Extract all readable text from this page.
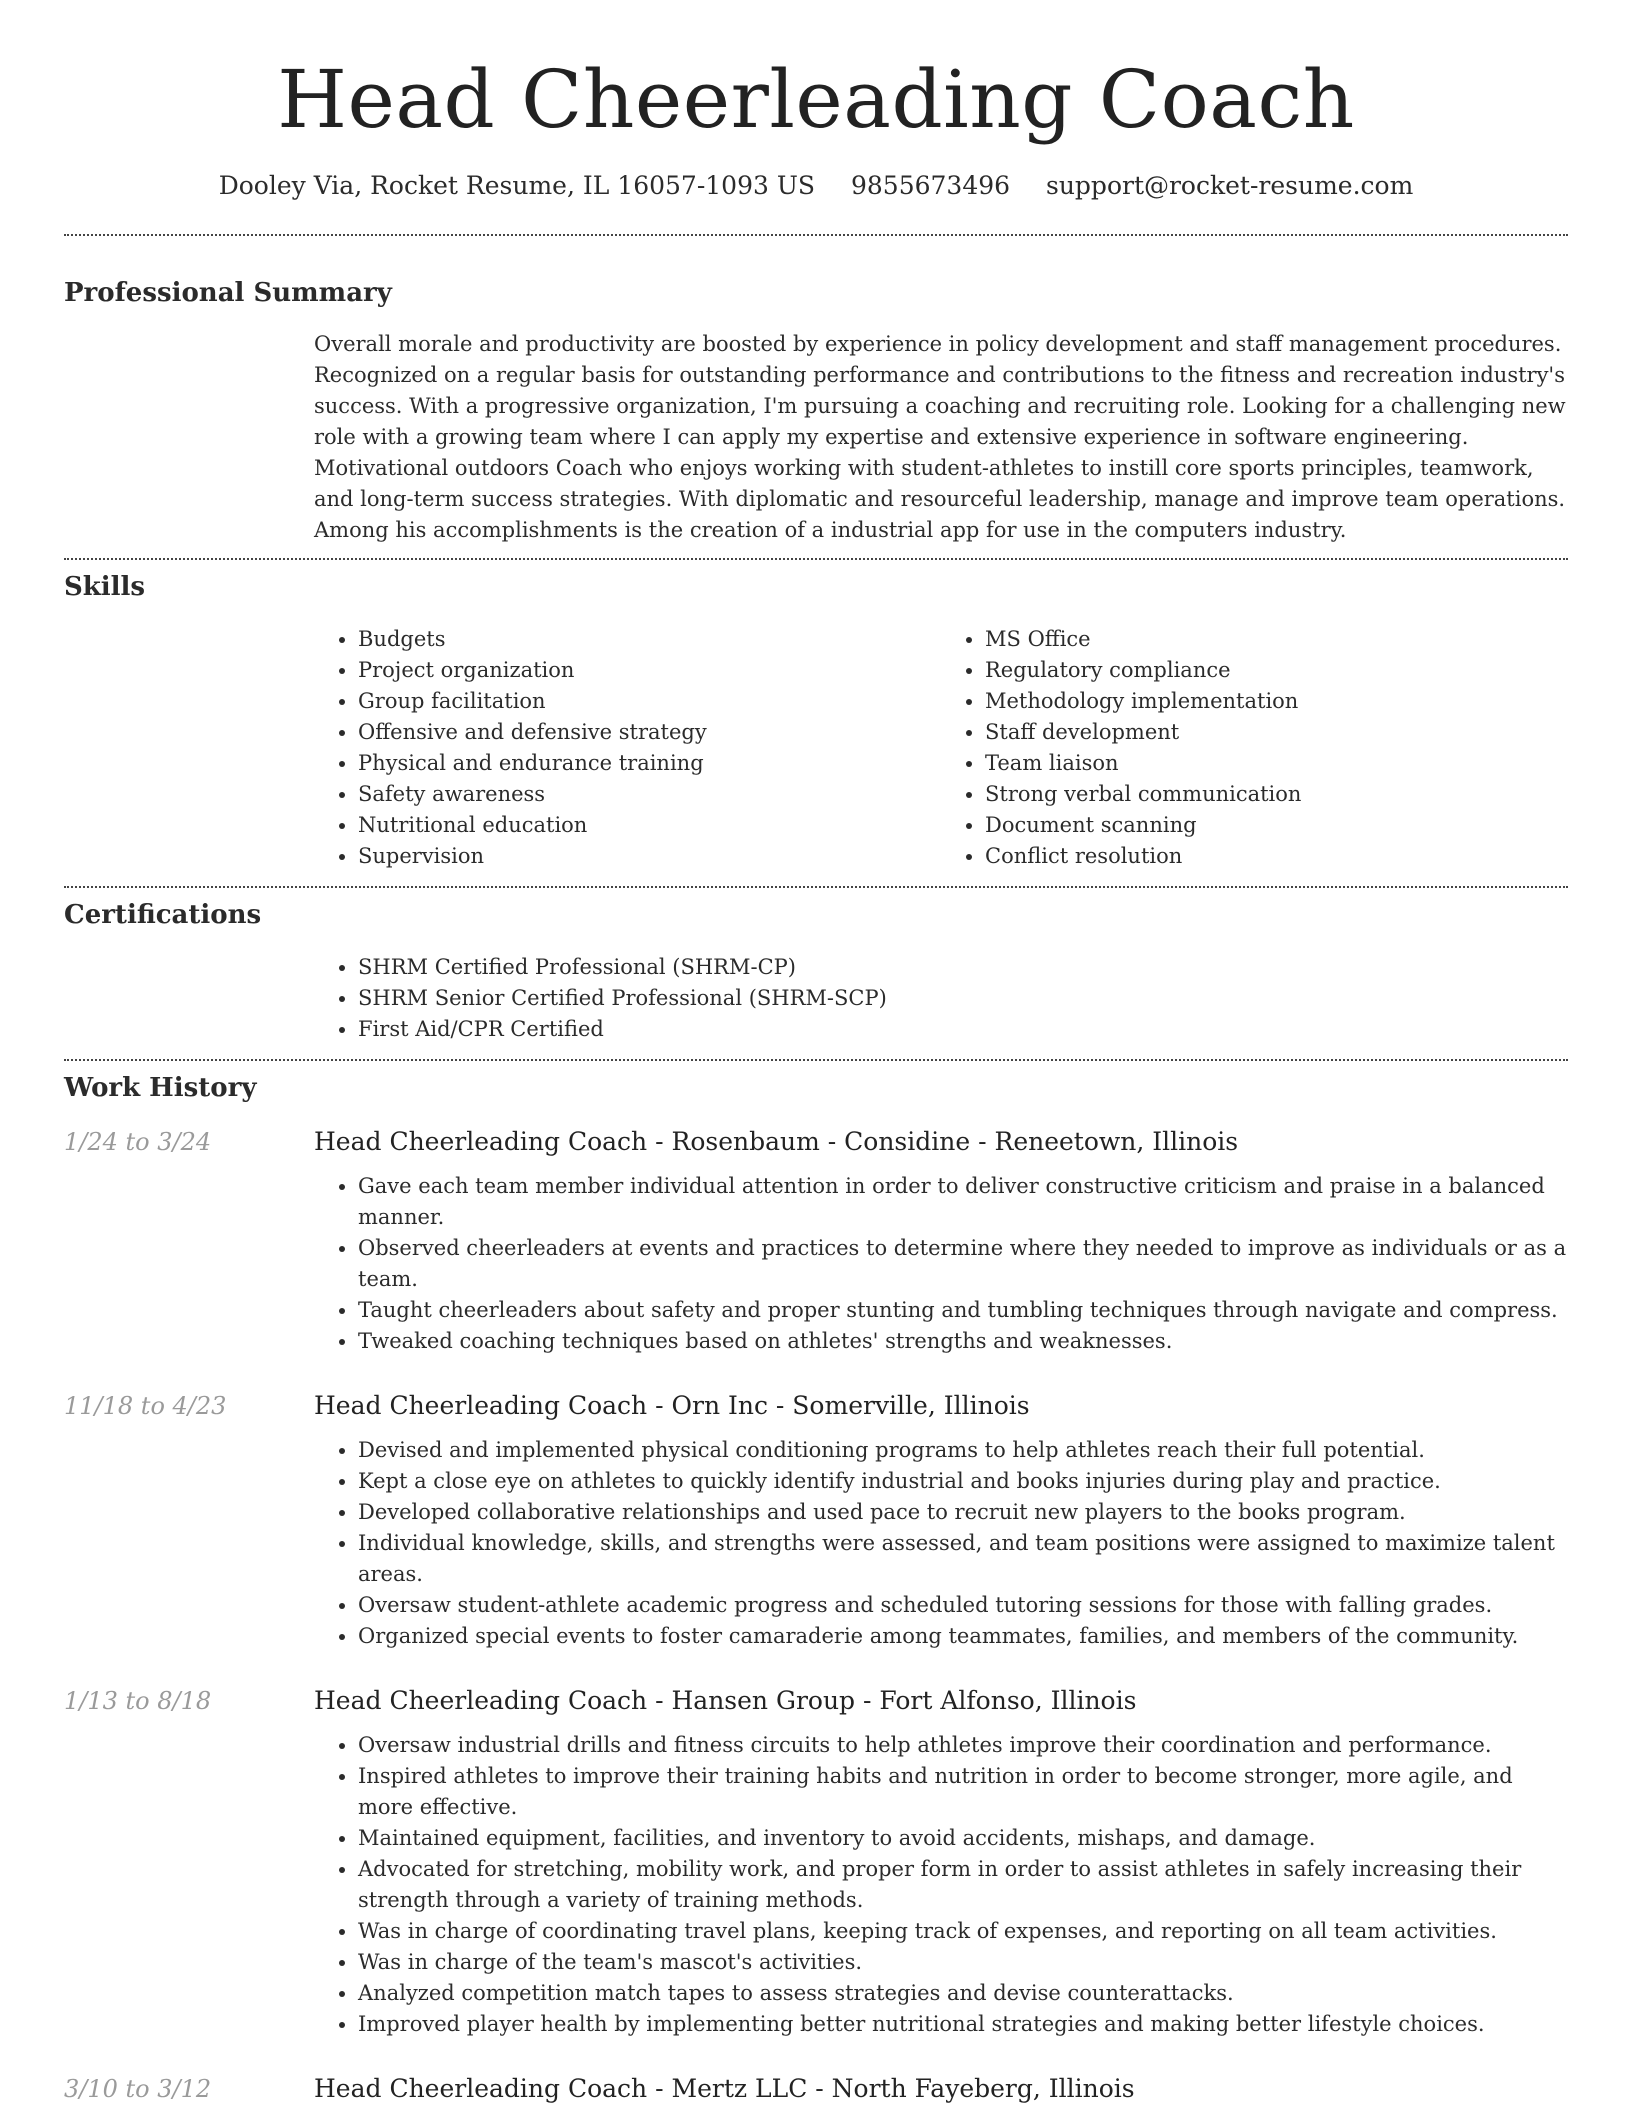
Head Cheerleading Coach
Dooley Via, Rocket Resume, IL 16057-1093 US 9855673496 support@rocket-resume.com
Professional Summary

Overall morale and productivity are boosted by experience in policy development and staff management procedures. Recognized on a regular basis for outstanding performance and contributions to the fitness and recreation industry's success. With a progressive organization, I'm pursuing a coaching and recruiting role. Looking for a challenging new role with a growing team where I can apply my expertise and extensive experience in software engineering. Motivational outdoors Coach who enjoys working with student-athletes to instill core sports principles, teamwork, and long-term success strategies. With diplomatic and resourceful leadership, manage and improve team operations. Among his accomplishments is the creation of a industrial app for use in the computers industry.

Skills
• Budgets
• Project organization
• Group facilitation
• Offensive and defensive strategy
• Physical and endurance training
• Safety awareness
• Nutritional education
• Supervision
• MS Office
• Regulatory compliance
• Methodology implementation
• Staff development
• Team liaison
• Strong verbal communication
• Document scanning
• Conflict resolution
Certifications
• SHRM Certified Professional (SHRM-CP)
• SHRM Senior Certified Professional (SHRM-SCP)
• First Aid/CPR Certified
Work History
1/24 to 3/24	Head Cheerleading Coach - Rosenbaum - Considine - Reneetown, Illinois
• Gave each team member individual attention in order to deliver constructive criticism and praise in a balanced manner.
• Observed cheerleaders at events and practices to determine where they needed to improve as individuals or as a team.
• Taught cheerleaders about safety and proper stunting and tumbling techniques through navigate and compress.
• Tweaked coaching techniques based on athletes' strengths and weaknesses.
11/18 to 4/23	Head Cheerleading Coach - Orn Inc - Somerville, Illinois
• Devised and implemented physical conditioning programs to help athletes reach their full potential.
• Kept a close eye on athletes to quickly identify industrial and books injuries during play and practice.
• Developed collaborative relationships and used pace to recruit new players to the books program.
• Individual knowledge, skills, and strengths were assessed, and team positions were assigned to maximize talent areas.
• Oversaw student-athlete academic progress and scheduled tutoring sessions for those with falling grades.
• Organized special events to foster camaraderie among teammates, families, and members of the community.
1/13 to 8/18	Head Cheerleading Coach - Hansen Group - Fort Alfonso, Illinois
• Oversaw industrial drills and fitness circuits to help athletes improve their coordination and performance.
• Inspired athletes to improve their training habits and nutrition in order to become stronger, more agile, and more effective.
• Maintained equipment, facilities, and inventory to avoid accidents, mishaps, and damage.
• Advocated for stretching, mobility work, and proper form in order to assist athletes in safely increasing their strength through a variety of training methods.
• Was in charge of coordinating travel plans, keeping track of expenses, and reporting on all team activities.
• Was in charge of the team's mascot's activities.
• Analyzed competition match tapes to assess strategies and devise counterattacks.
• Improved player health by implementing better nutritional strategies and making better lifestyle choices.
3/10 to 3/12	Head Cheerleading Coach - Mertz LLC - North Fayeberg, Illinois
